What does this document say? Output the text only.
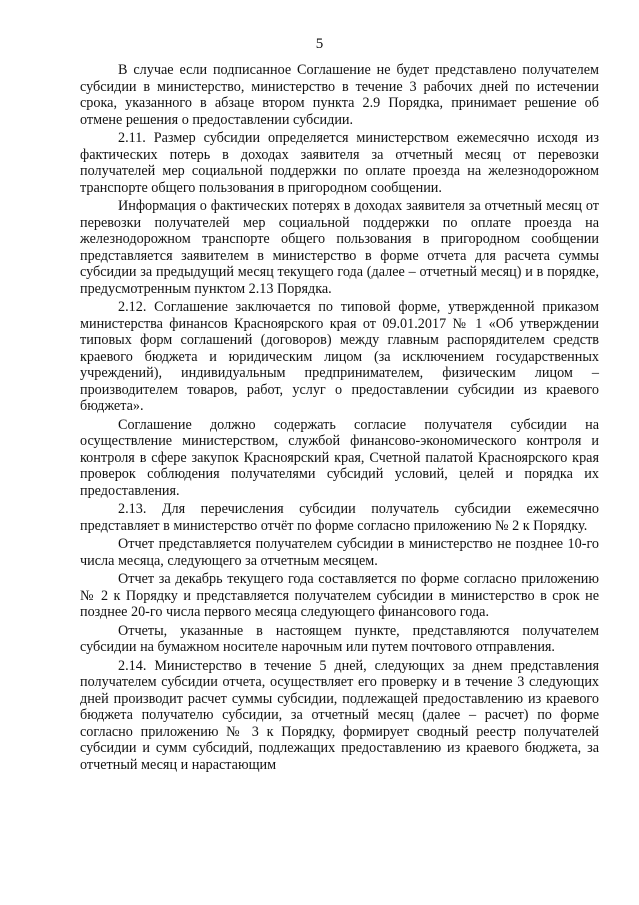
5

В случае если подписанное Соглашение не будет представлено получателем субсидии в министерство, министерство в течение 3 рабочих дней по истечении срока, указанного в абзаце втором пункта 2.9 Порядка, принимает решение об отмене решения о предоставлении субсидии.

2.11. Размер субсидии определяется министерством ежемесячно исходя из фактических потерь в доходах заявителя за отчетный месяц от перевозки получателей мер социальной поддержки по оплате проезда на железнодорожном транспорте общего пользования в пригородном сообщении.

Информация о фактических потерях в доходах заявителя за отчетный месяц от перевозки получателей мер социальной поддержки по оплате проезда на железнодорожном транспорте общего пользования в пригородном сообщении представляется заявителем в министерство в форме отчета для расчета суммы субсидии за предыдущий месяц текущего года (далее – отчетный месяц) и в порядке, предусмотренным пунктом 2.13 Порядка.

2.12. Соглашение заключается по типовой форме, утвержденной приказом министерства финансов Красноярского края от 09.01.2017 № 1 «Об утверждении типовых форм соглашений (договоров) между главным распорядителем средств краевого бюджета и юридическим лицом (за исключением государственных учреждений), индивидуальным предпринимателем, физическим лицом – производителем товаров, работ, услуг о предоставлении субсидии из краевого бюджета».

Соглашение должно содержать согласие получателя субсидии на осуществление министерством, службой финансово-экономического контроля и контроля в сфере закупок Красноярский края, Счетной палатой Красноярского края проверок соблюдения получателями субсидий условий, целей и порядка их предоставления.

2.13. Для перечисления субсидии получатель субсидии ежемесячно представляет в министерство отчёт по форме согласно приложению № 2 к Порядку.

Отчет представляется получателем субсидии в министерство не позднее 10-го числа месяца, следующего за отчетным месяцем.

Отчет за декабрь текущего года составляется по форме согласно приложению № 2 к Порядку и представляется получателем субсидии в министерство в срок не позднее 20-го числа первого месяца следующего финансового года.

Отчеты, указанные в настоящем пункте, представляются получателем субсидии на бумажном носителе нарочным или путем почтового отправления.

2.14. Министерство в течение 5 дней, следующих за днем представления получателем субсидии отчета, осуществляет его проверку и в течение 3 следующих дней производит расчет суммы субсидии, подлежащей предоставлению из краевого бюджета получателю субсидии, за отчетный месяц (далее – расчет) по форме согласно приложению № 3 к Порядку, формирует сводный реестр получателей субсидии и сумм субсидий, подлежащих предоставлению из краевого бюджета, за отчетный месяц и нарастающим
